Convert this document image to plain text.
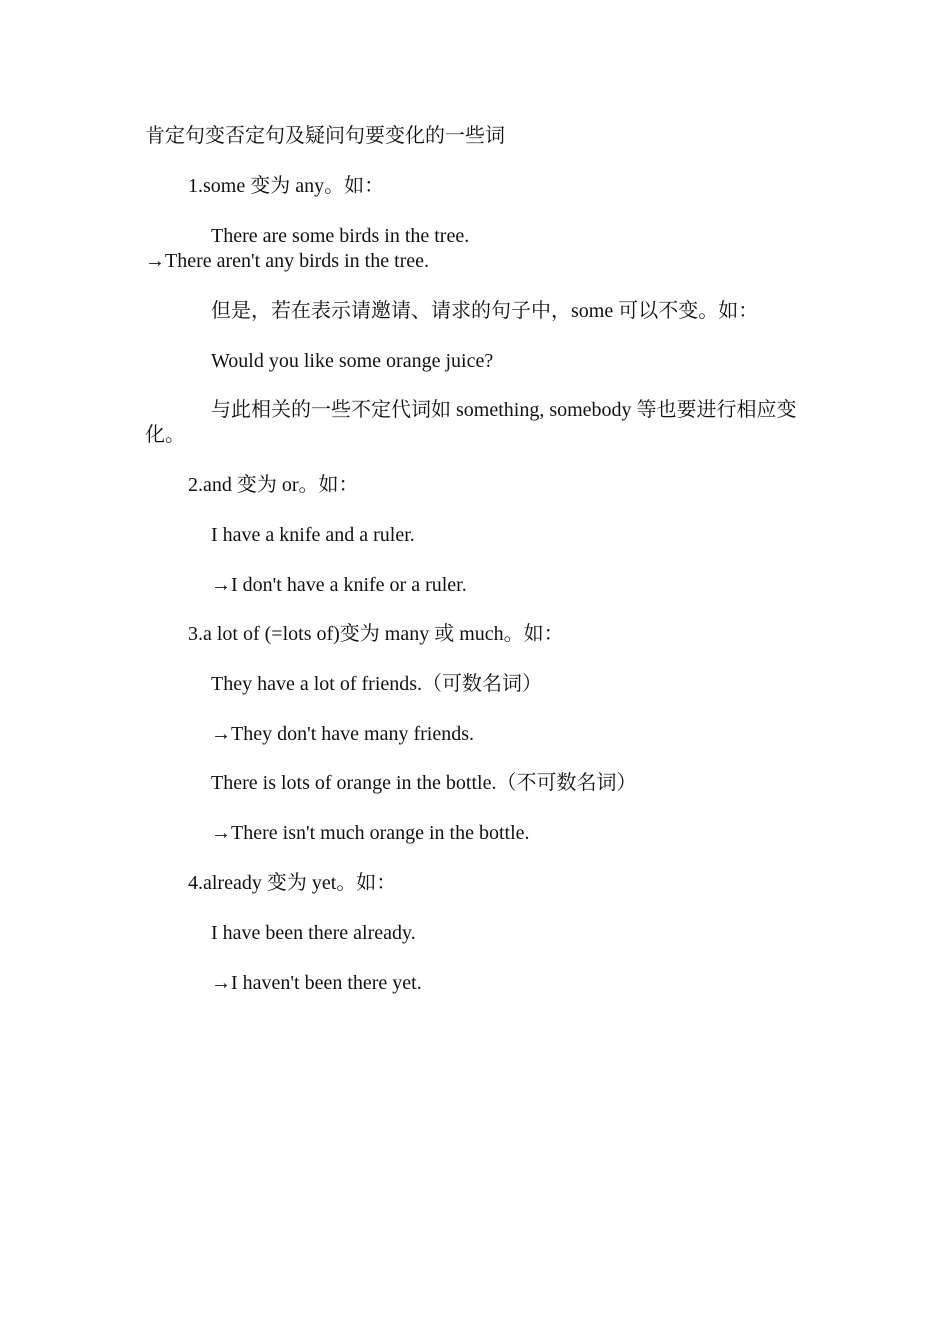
肯定句变否定句及疑问句要变化的一些词
1.some 变为 any。如：
There are some birds in the tree.
→There aren't any birds in the tree.
但是，若在表示请邀请、请求的句子中，some 可以不变。如：
Would you like some orange juice?
与此相关的一些不定代词如 something, somebody 等也要进行相应变化。
2.and 变为 or。如：
I have a knife and a ruler.
→I don't have a knife or a ruler.
3.a lot of (=lots of)变为 many 或 much。如：
They have a lot of friends.（可数名词）
→They don't have many friends.
There is lots of orange in the bottle.（不可数名词）
→There isn't much orange in the bottle.
4.already 变为 yet。如：
I have been there already.
→I haven't been there yet.
